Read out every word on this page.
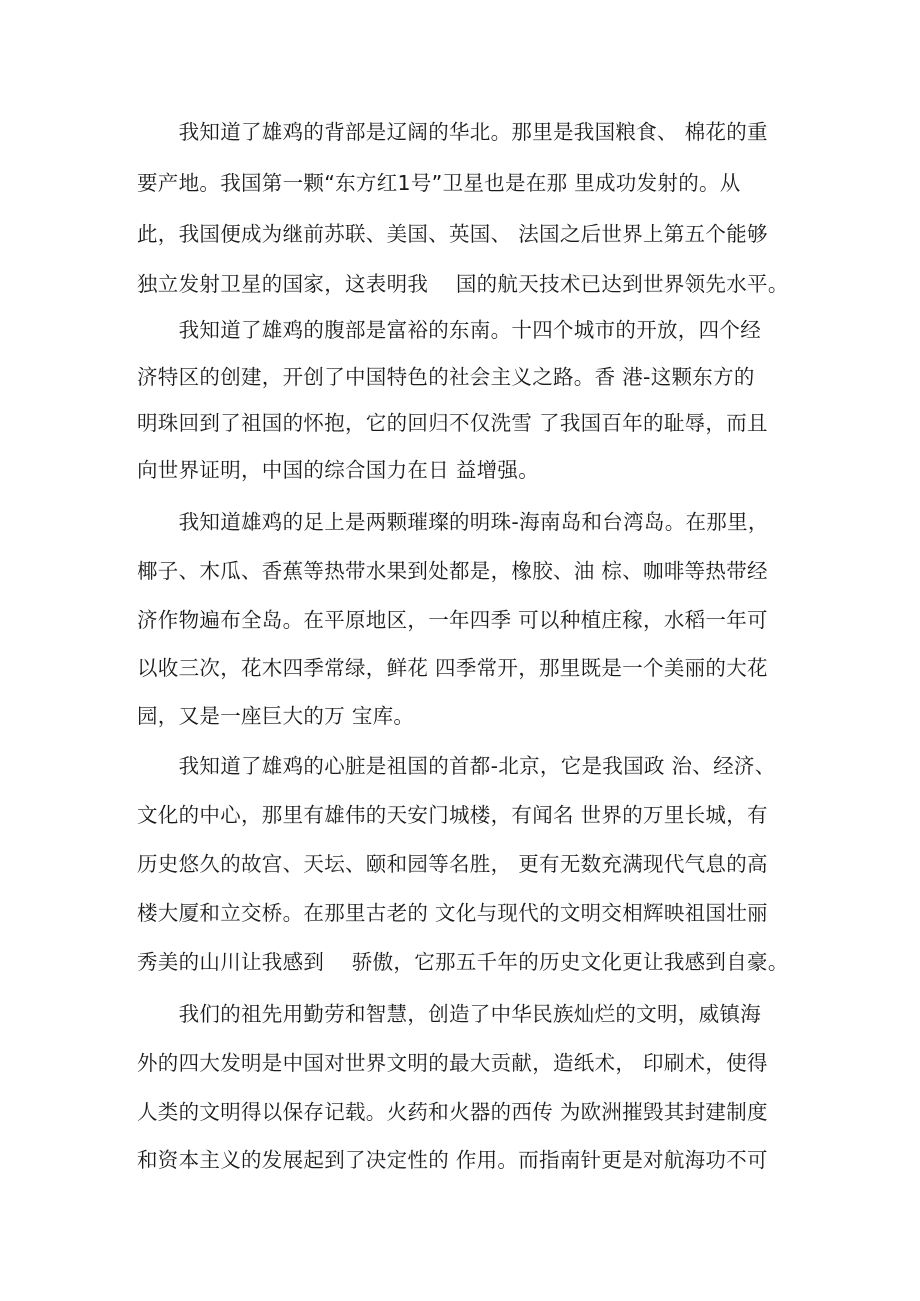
　　我知道了雄鸡的背部是辽阔的华北。那里是我国粮食、 棉花的重
要产地。我国第一颗“东方红1号”卫星也是在那 里成功发射的。从
此，我国便成为继前苏联、美国、英国、 法国之后世界上第五个能够
独立发射卫星的国家，这表明我　 国的航天技术已达到世界领先水平。
　　我知道了雄鸡的腹部是富裕的东南。十四个城市的开放，四个经
济特区的创建，开创了中国特色的社会主义之路。香 港-这颗东方的
明珠回到了祖国的怀抱，它的回归不仅洗雪 了我国百年的耻辱，而且
向世界证明，中国的综合国力在日 益增强。
　　我知道雄鸡的足上是两颗璀璨的明珠-海南岛和台湾岛。在那里，
椰子、木瓜、香蕉等热带水果到处都是，橡胶、油 棕、咖啡等热带经
济作物遍布全岛。在平原地区，一年四季 可以种植庄稼，水稻一年可
以收三次，花木四季常绿，鲜花 四季常开，那里既是一个美丽的大花
园，又是一座巨大的万 宝库。
　　我知道了雄鸡的心脏是祖国的首都-北京，它是我国政 治、经济、
文化的中心，那里有雄伟的天安门城楼，有闻名 世界的万里长城，有
历史悠久的故宫、天坛、颐和园等名胜， 更有无数充满现代气息的高
楼大厦和立交桥。在那里古老的 文化与现代的文明交相辉映祖国壮丽
秀美的山川让我感到　 骄傲，它那五千年的历史文化更让我感到自豪。
　　我们的祖先用勤劳和智慧，创造了中华民族灿烂的文明，威镇海
外的四大发明是中国对世界文明的最大贡献，造纸术， 印刷术，使得
人类的文明得以保存记载。火药和火器的西传 为欧洲摧毁其封建制度
和资本主义的发展起到了决定性的 作用。而指南针更是对航海功不可
